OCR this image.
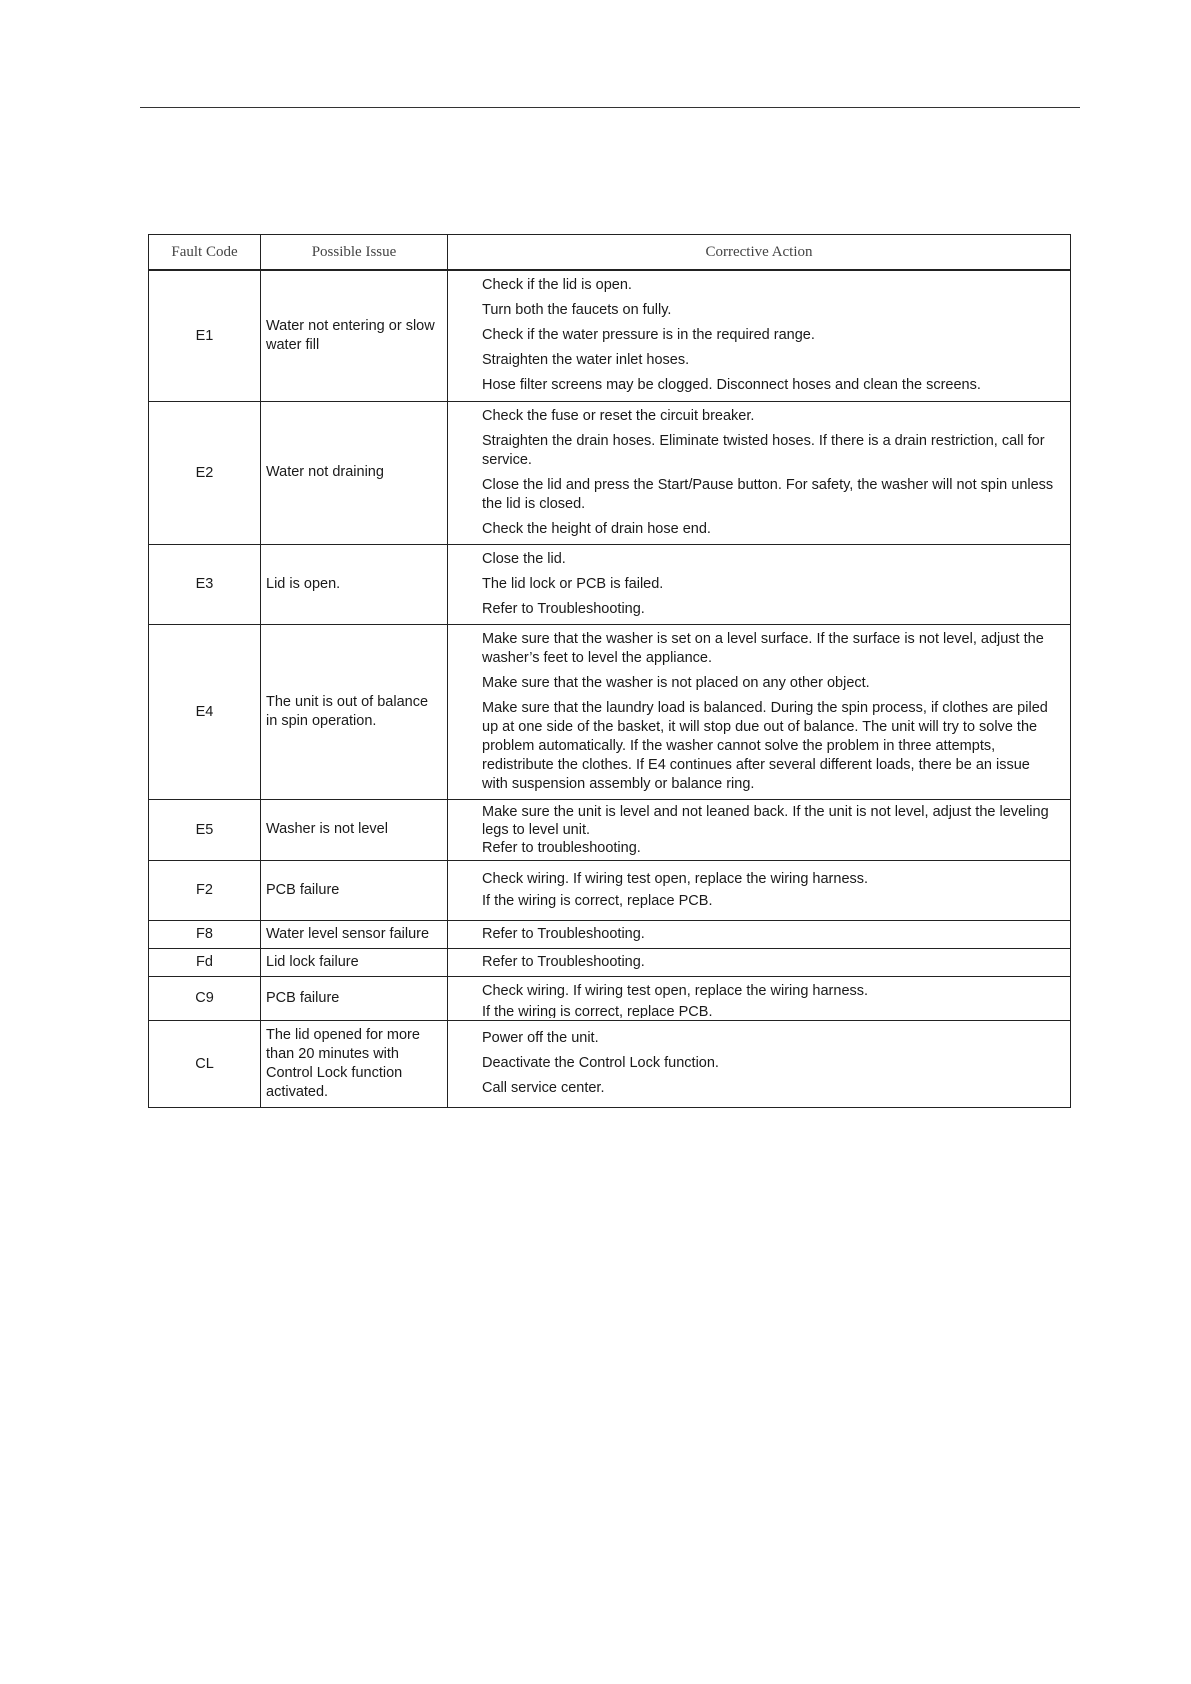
Fault Code	Possible Issue	Corrective Action
E1	Water not entering or slow water fill	Check if the lid is open.
Turn both the faucets on fully.
Check if the water pressure is in the required range.
Straighten the water inlet hoses.
Hose filter screens may be clogged. Disconnect hoses and clean the screens.

E2	Water not draining	Check the fuse or reset the circuit breaker.
Straighten the drain hoses. Eliminate twisted hoses. If there is a drain restriction, call for service.
Close the lid and press the Start/Pause button. For safety, the washer will not spin unless the lid is closed.
Check the height of drain hose end.

E3	Lid is open.	Close the lid.
The lid lock or PCB is failed.
Refer to Troubleshooting.

E4	The unit is out of balance in spin operation.	Make sure that the washer is set on a level surface. If the surface is not level, adjust the washer’s feet to level the appliance.
Make sure that the washer is not placed on any other object.
Make sure that the laundry load is balanced. During the spin process, if clothes are piled up at one side of the basket, it will stop due out of balance. The unit will try to solve the problem automatically. If the washer cannot solve the problem in three attempts, redistribute the clothes. If E4 continues after several different loads, there be an issue with suspension assembly or balance ring.

E5	Washer is not level	Make sure the unit is level and not leaned back. If the unit is not level, adjust the leveling legs to level unit.
Refer to troubleshooting.

F2	PCB failure	Check wiring. If wiring test open, replace the wiring harness.
If the wiring is correct, replace PCB.

F8	Water level sensor failure	Refer to Troubleshooting.

Fd	Lid lock failure	Refer to Troubleshooting.

C9	PCB failure	Check wiring. If wiring test open, replace the wiring harness.
If the wiring is correct, replace PCB.

CL	The lid opened for more than 20 minutes with Control Lock function activated.	Power off the unit.
Deactivate the Control Lock function.
Call service center.
